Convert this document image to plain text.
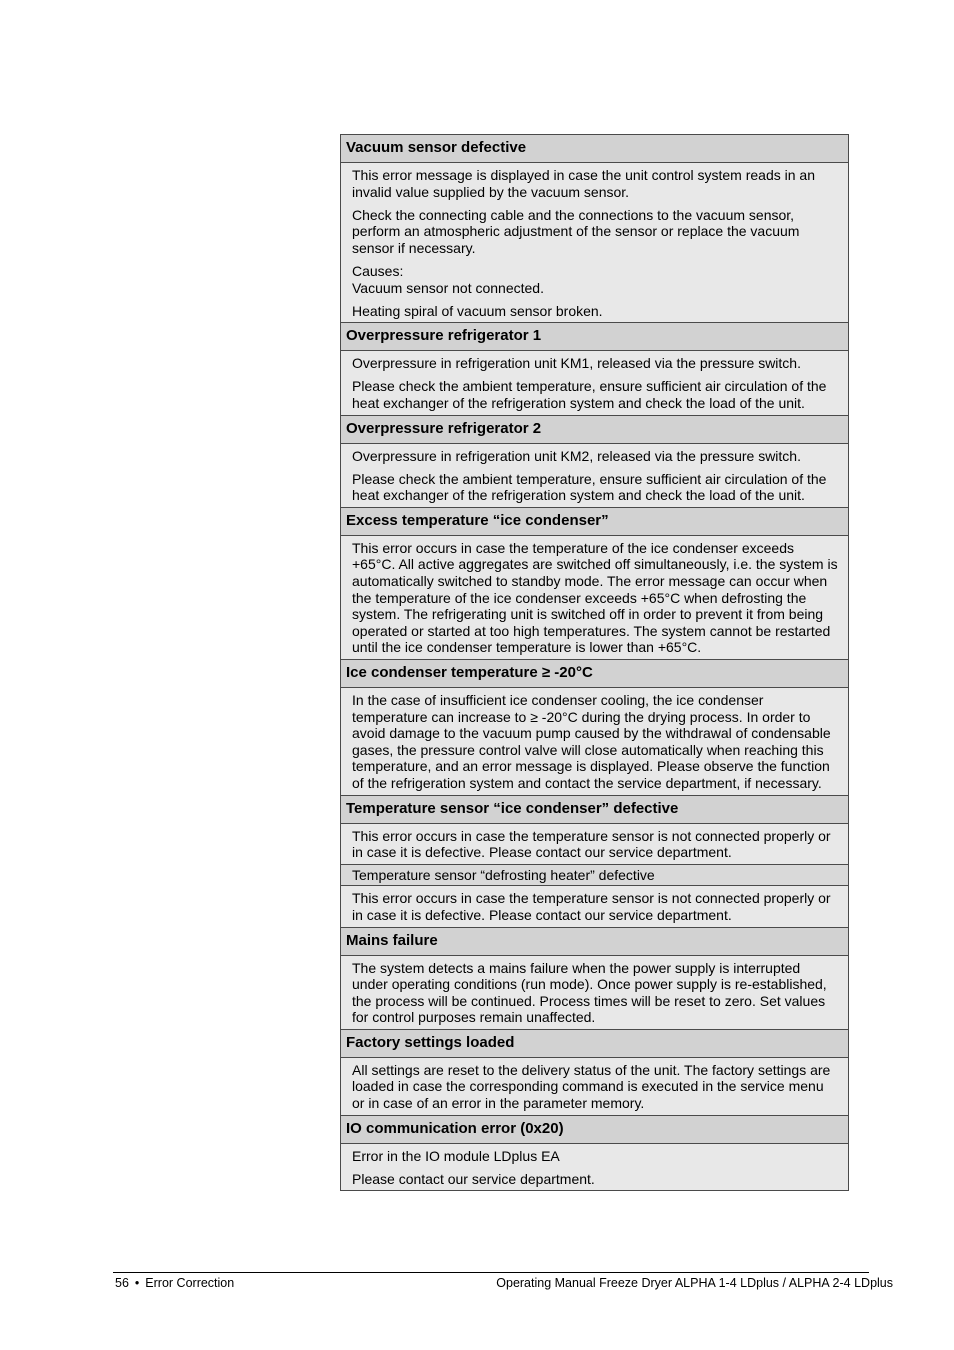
Vacuum sensor defective

This error message is displayed in case the unit control system reads in an invalid value supplied by the vacuum sensor.

Check the connecting cable and the connections to the vacuum sensor, perform an atmospheric adjustment of the sensor or replace the vacuum sensor if necessary.

Causes:
Vacuum sensor not connected.

Heating spiral of vacuum sensor broken.

Overpressure refrigerator 1

Overpressure in refrigeration unit KM1, released via the pressure switch.

Please check the ambient temperature, ensure sufficient air circulation of the heat exchanger of the refrigeration system and check the load of the unit.

Overpressure refrigerator 2

Overpressure in refrigeration unit KM2, released via the pressure switch.

Please check the ambient temperature, ensure sufficient air circulation of the heat exchanger of the refrigeration system and check the load of the unit.

Excess temperature “ice condenser”

This error occurs in case the temperature of the ice condenser exceeds +65°C. All active aggregates are switched off simultaneously, i.e. the system is automatically switched to standby mode. The error message can occur when the temperature of the ice condenser exceeds +65°C when defrosting the system. The refrigerating unit is switched off in order to prevent it from being operated or started at too high temperatures. The system cannot be restarted until the ice condenser temperature is lower than +65°C.

Ice condenser temperature ≥ -20°C

In the case of insufficient ice condenser cooling, the ice condenser temperature can increase to ≥ -20°C during the drying process. In order to avoid damage to the vacuum pump caused by the withdrawal of condensable gases, the pressure control valve will close automatically when reaching this temperature, and an error message is displayed. Please observe the function of the refrigeration system and contact the service department, if necessary.

Temperature sensor “ice condenser” defective

This error occurs in case the temperature sensor is not connected properly or in case it is defective. Please contact our service department.

Temperature sensor “defrosting heater” defective

This error occurs in case the temperature sensor is not connected properly or in case it is defective. Please contact our service department.

Mains failure

The system detects a mains failure when the power supply is interrupted under operating conditions (run mode). Once power supply is re-established, the process will be continued. Process times will be reset to zero. Set values for control purposes remain unaffected.

Factory settings loaded

All settings are reset to the delivery status of the unit. The factory settings are loaded in case the corresponding command is executed in the service menu or in case of an error in the parameter memory.

IO communication error (0x20)

Error in the IO module LDplus EA

Please contact our service department.

56 • Error Correction	Operating Manual Freeze Dryer ALPHA 1-4 LDplus / ALPHA 2-4 LDplus
